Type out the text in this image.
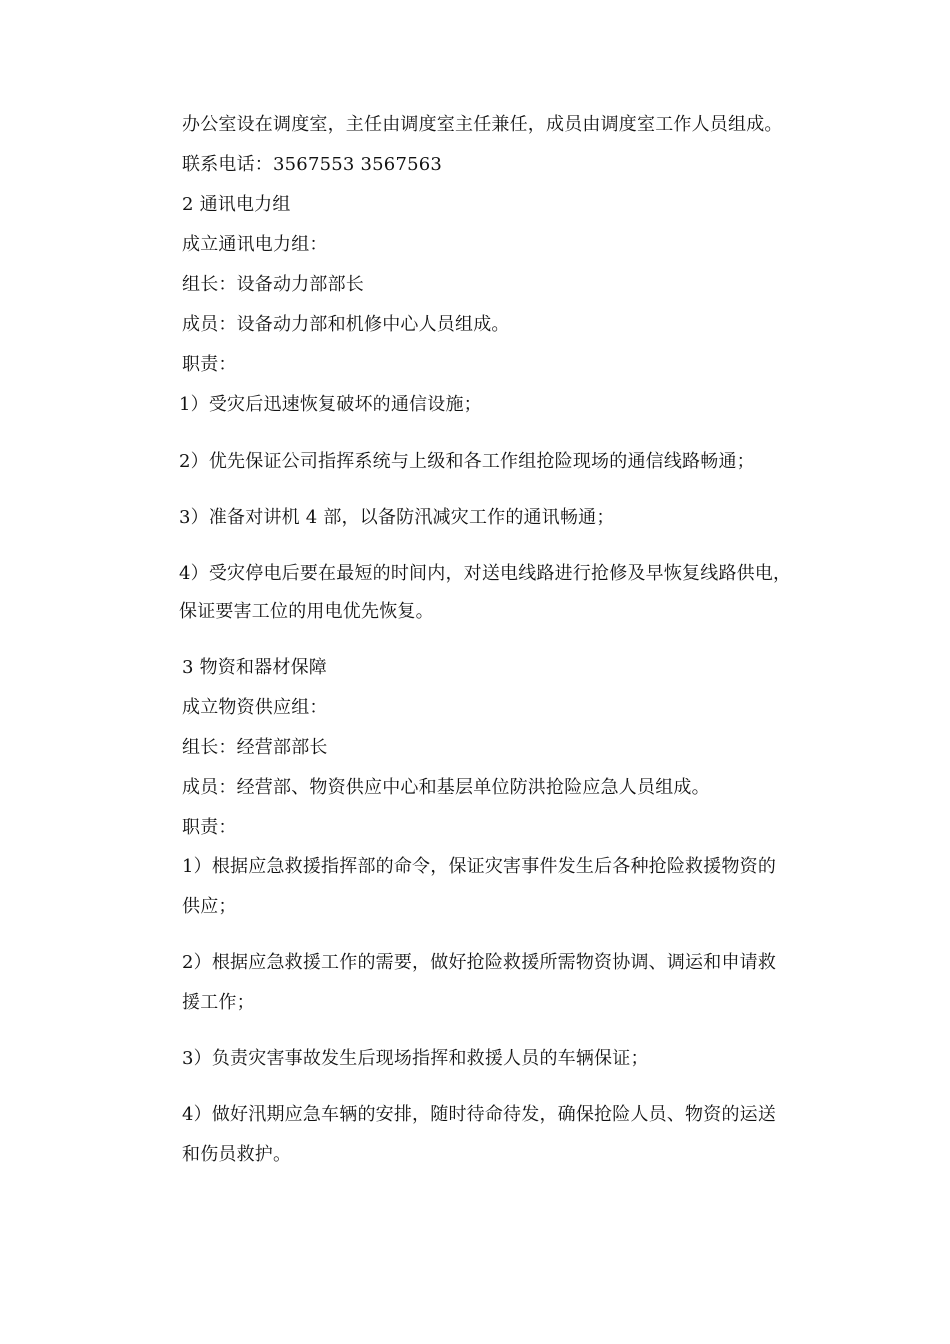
办公室设在调度室，主任由调度室主任兼任，成员由调度室工作人员组成。
联系电话：3567553 3567563
2 通讯电力组
成立通讯电力组：
组长：设备动力部部长
成员：设备动力部和机修中心人员组成。
职责：
1）受灾后迅速恢复破坏的通信设施；
2）优先保证公司指挥系统与上级和各工作组抢险现场的通信线路畅通；
3）准备对讲机 4 部，以备防汛减灾工作的通讯畅通；
4）受灾停电后要在最短的时间内，对送电线路进行抢修及早恢复线路供电，
保证要害工位的用电优先恢复。
3 物资和器材保障
成立物资供应组：
组长：经营部部长
成员：经营部、物资供应中心和基层单位防洪抢险应急人员组成。
职责：
1）根据应急救援指挥部的命令，保证灾害事件发生后各种抢险救援物资的
供应；
2）根据应急救援工作的需要，做好抢险救援所需物资协调、调运和申请救
援工作；
3）负责灾害事故发生后现场指挥和救援人员的车辆保证；
4）做好汛期应急车辆的安排，随时待命待发，确保抢险人员、物资的运送
和伤员救护。
